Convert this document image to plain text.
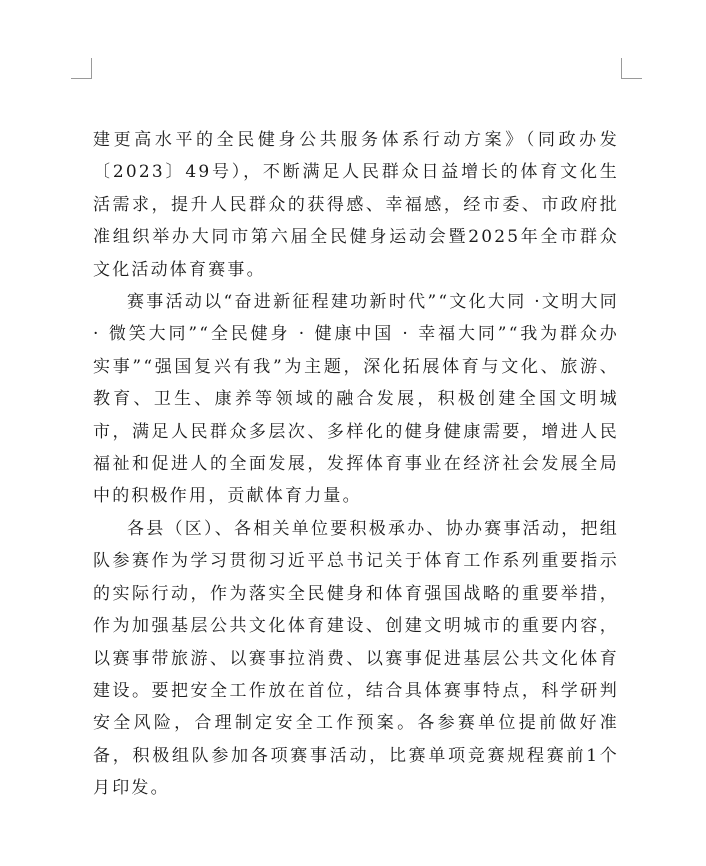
建更高水平的全民健身公共服务体系行动方案》（同政办发〔2023〕49号），不断满足人民群众日益增长的体育文化生活需求，提升人民群众的获得感、幸福感，经市委、市政府批准组织举办大同市第六届全民健身运动会暨2025年全市群众文化活动体育赛事。

赛事活动以“奋进新征程建功新时代”“文化大同 ·文明大同 · 微笑大同”“全民健身 · 健康中国 · 幸福大同”“我为群众办实事”“强国复兴有我”为主题，深化拓展体育与文化、旅游、教育、卫生、康养等领域的融合发展，积极创建全国文明城市，满足人民群众多层次、多样化的健身健康需要，增进人民福祉和促进人的全面发展，发挥体育事业在经济社会发展全局中的积极作用，贡献体育力量。

各县（区）、各相关单位要积极承办、协办赛事活动，把组队参赛作为学习贯彻习近平总书记关于体育工作系列重要指示的实际行动，作为落实全民健身和体育强国战略的重要举措，作为加强基层公共文化体育建设、创建文明城市的重要内容，以赛事带旅游、以赛事拉消费、以赛事促进基层公共文化体育建设。要把安全工作放在首位，结合具体赛事特点，科学研判安全风险，合理制定安全工作预案。各参赛单位提前做好准备，积极组队参加各项赛事活动，比赛单项竞赛规程赛前1个月印发。
